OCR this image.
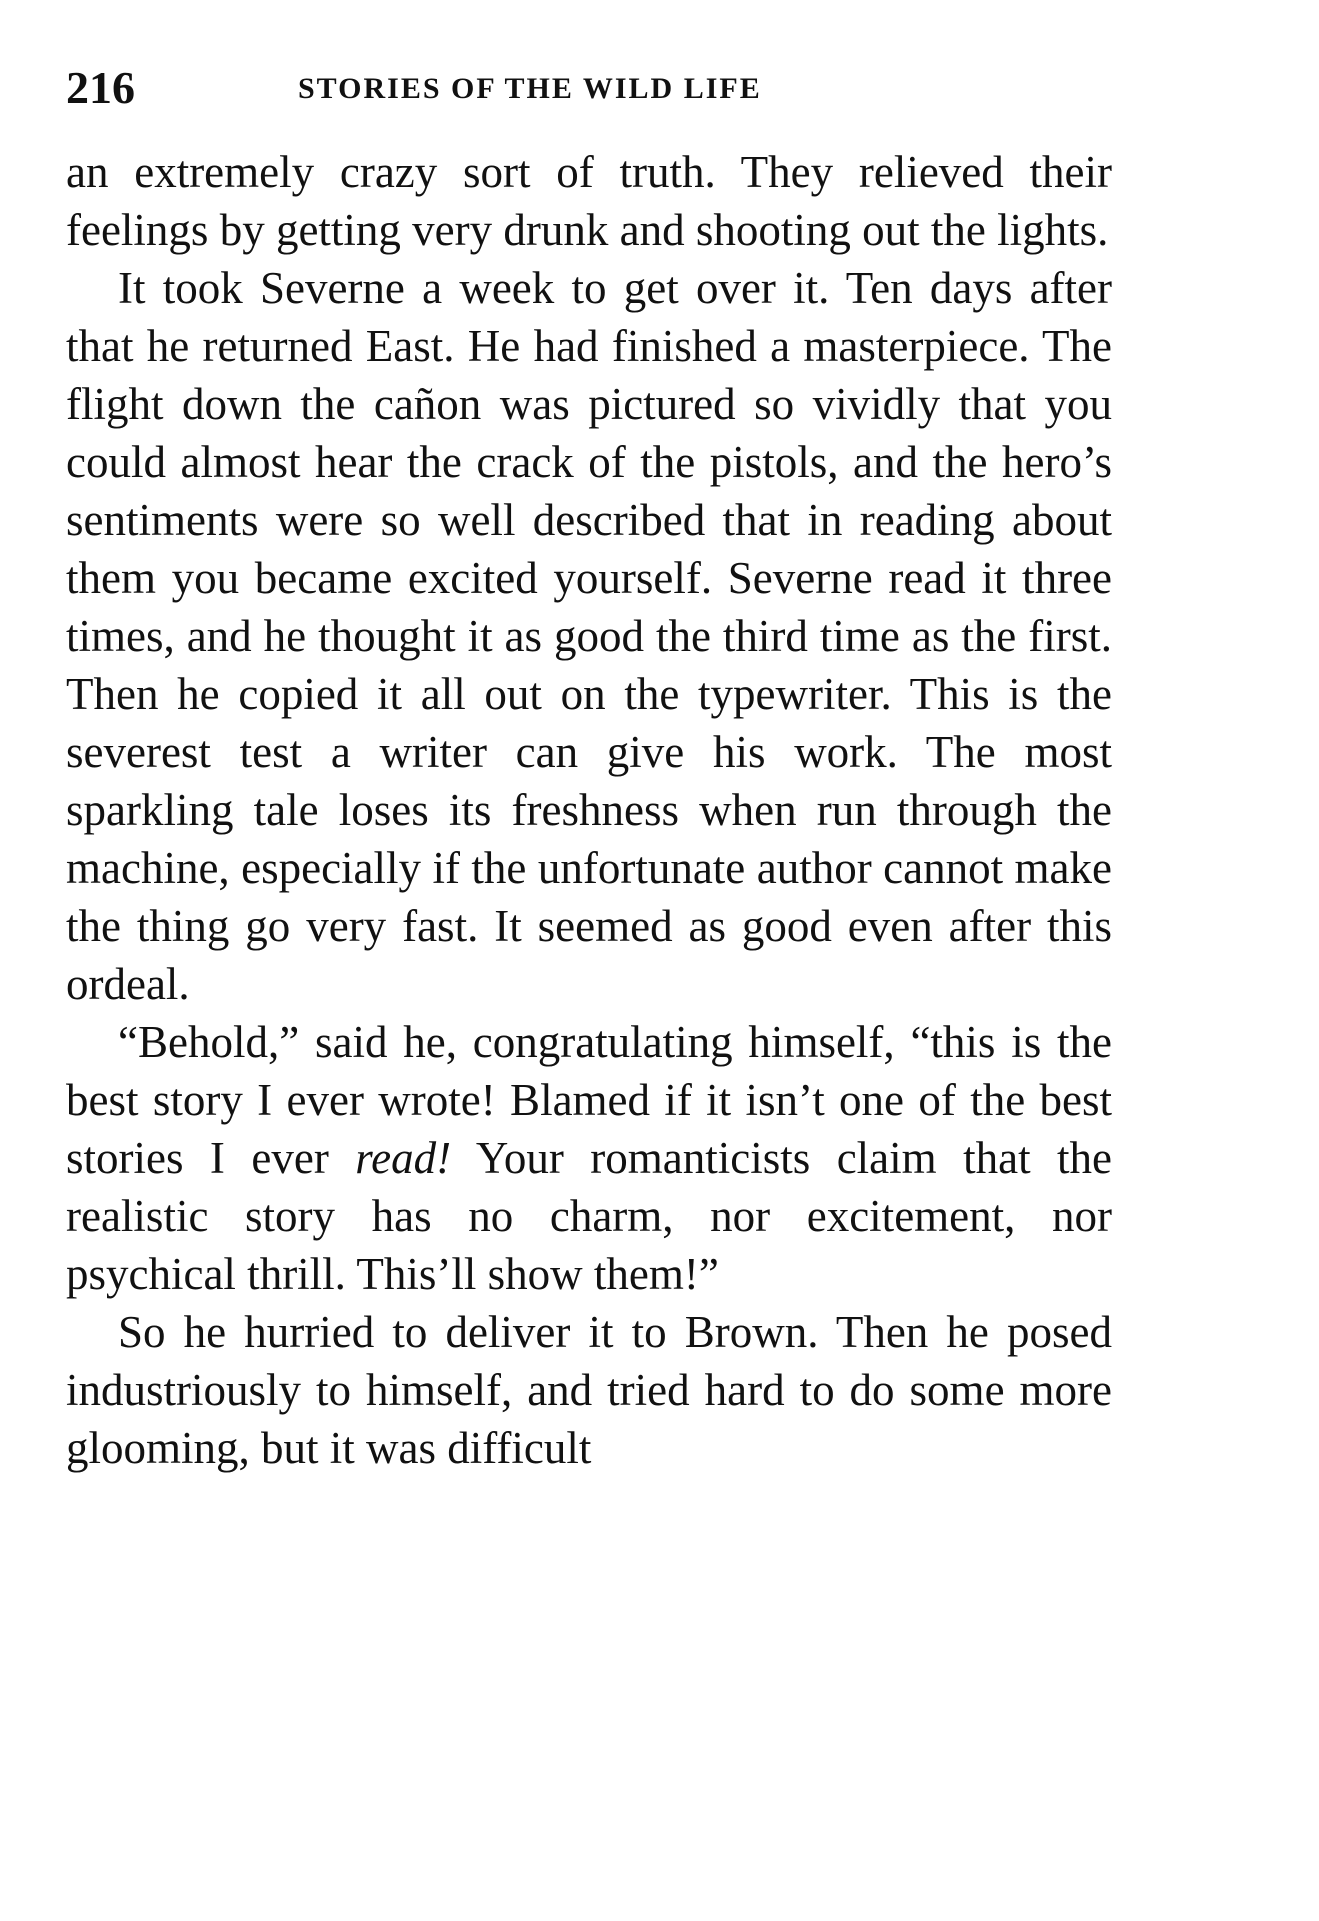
216	STORIES OF THE WILD LIFE

an extremely crazy sort of truth. They relieved their feelings by getting very drunk and shooting out the lights.

It took Severne a week to get over it. Ten days after that he returned East. He had finished a masterpiece. The flight down the cañon was pictured so vividly that you could almost hear the crack of the pistols, and the hero’s sentiments were so well described that in reading about them you became excited yourself. Severne read it three times, and he thought it as good the third time as the first. Then he copied it all out on the typewriter. This is the severest test a writer can give his work. The most sparkling tale loses its freshness when run through the machine, especially if the unfortunate author cannot make the thing go very fast. It seemed as good even after this ordeal.

“Behold,” said he, congratulating himself, “this is the best story I ever wrote! Blamed if it isn’t one of the best stories I ever read! Your romanticists claim that the realistic story has no charm, nor excitement, nor psychical thrill. This’ll show them!”

So he hurried to deliver it to Brown. Then he posed industriously to himself, and tried hard to do some more glooming, but it was difficult
